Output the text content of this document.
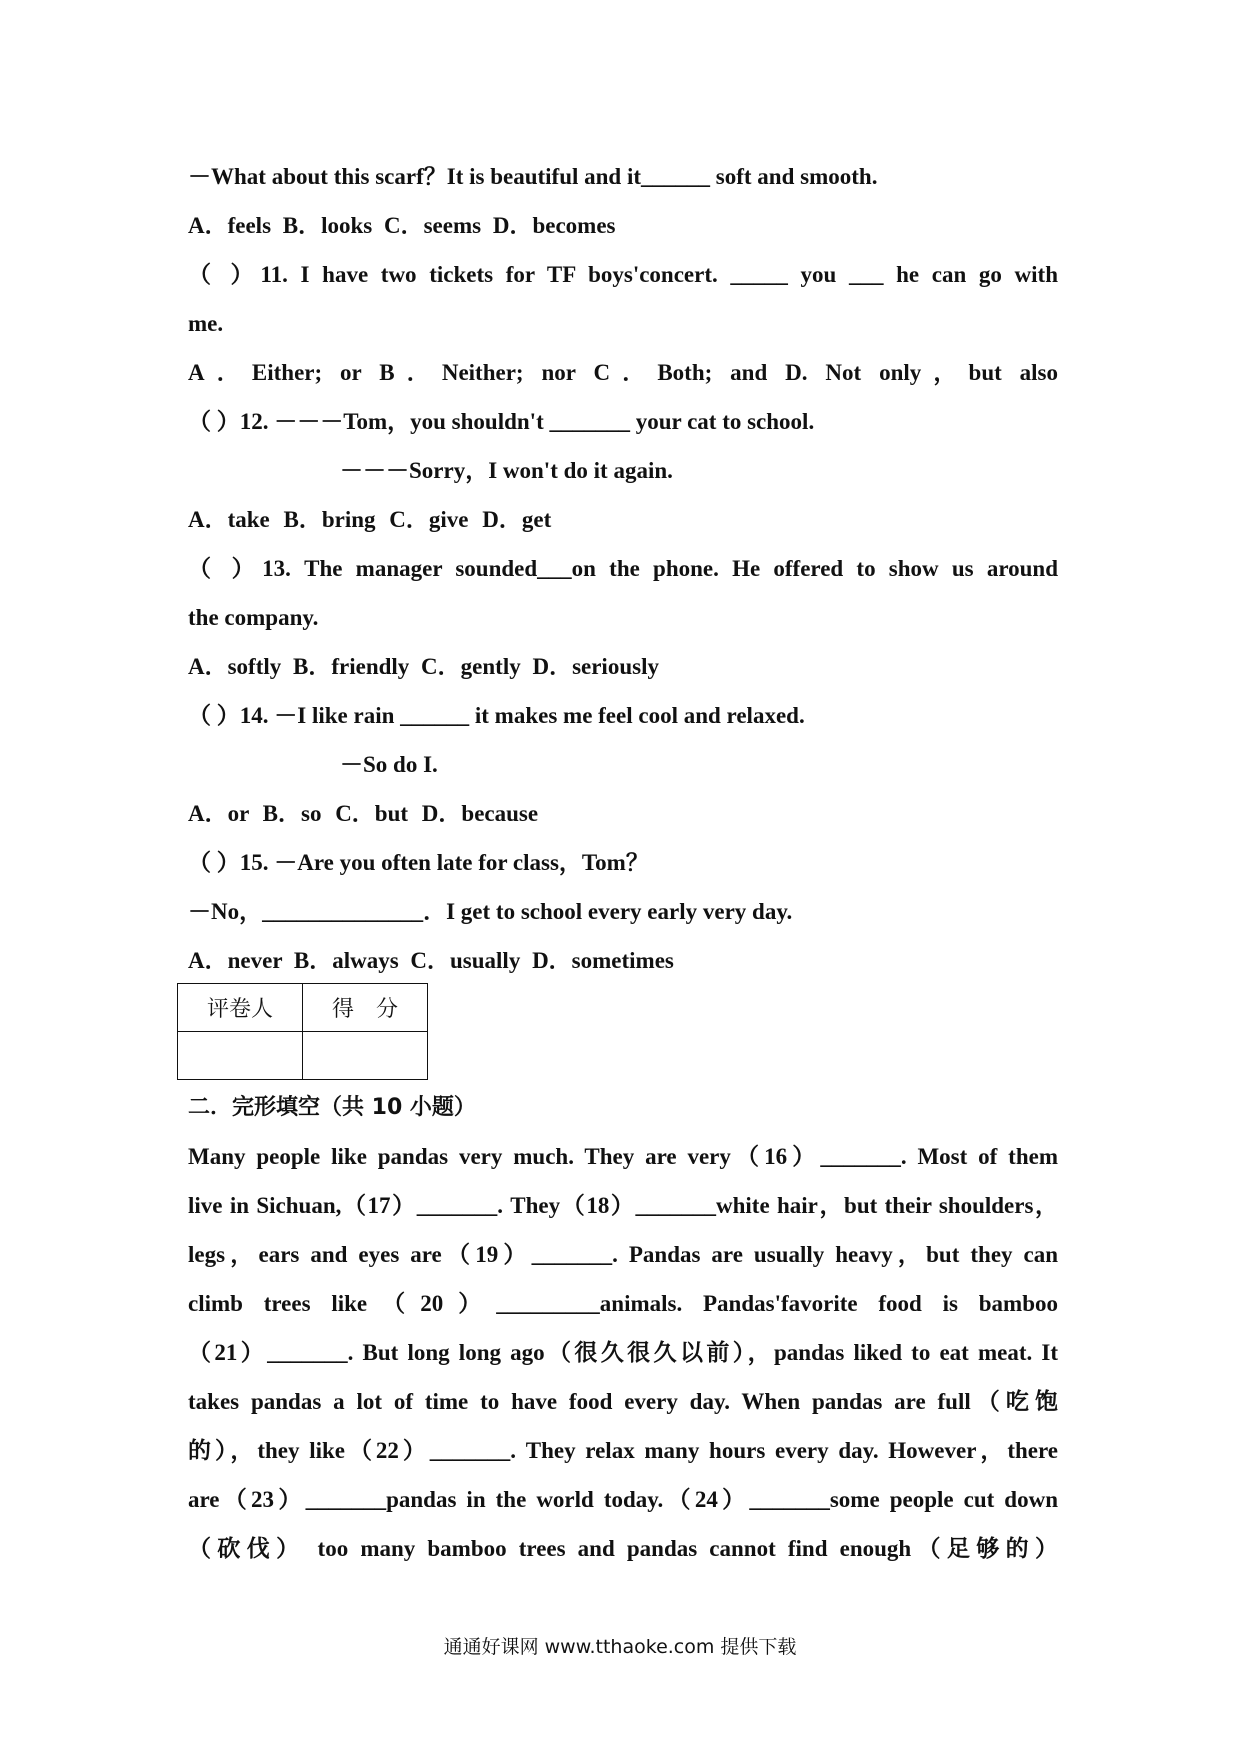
－What about this scarf？It is beautiful and it______ soft and smooth.
A．feels B．looks C．seems D．becomes
（ ）11. I have two tickets for TF boys'concert. _____ you ___ he can go with
me.
A．Either; or B．Neither; nor C．Both; and D. Not only，but also
（ ）12. －－－Tom，you shouldn't _______ your cat to school.
－－－Sorry，I won't do it again.
A．take B．bring C．give D．get
（ ）13. The manager sounded___on the phone. He offered to show us around
the company.
A．softly B．friendly C．gently D．seriously
（ ）14. －I like rain ______ it makes me feel cool and relaxed.
－So do I.
A．or B．so C．but D．because
（ ）15. －Are you often late for class，Tom？
－No，______________．I get to school every early very day.
A．never B．always C．usually D．sometimes
评卷人	得　分

二．完形填空（共 10 小题）
Many people like pandas very much. They are very（16）_______. Most of them
live in Sichuan,（17）_______. They（18）_______white hair，but their shoulders，
legs，ears and eyes are（19）_______. Pandas are usually heavy，but they can
climb trees like（20）_________animals. Pandas'favorite food is bamboo
（21）_______. But long long ago（很久很久以前），pandas liked to eat meat. It
takes pandas a lot of time to have food every day. When pandas are full（吃饱
的），they like（22）_______. They relax many hours every day. However，there
are（23）_______pandas in the world today.（24）_______some people cut down
（砍伐） too many bamboo trees and pandas cannot find enough（足够的）
通通好课网 www.tthaoke.com 提供下载
